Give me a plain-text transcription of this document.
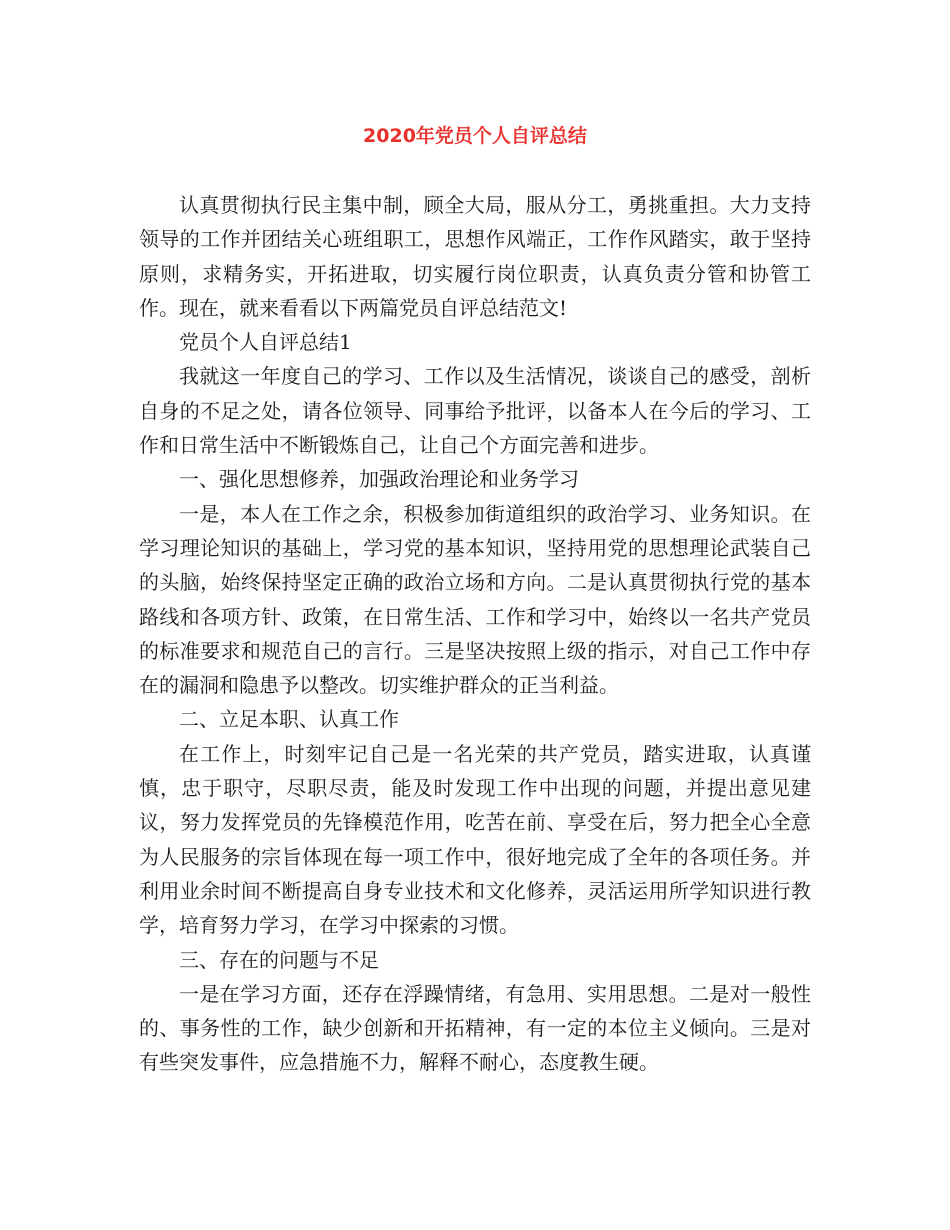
2020年党员个人自评总结

认真贯彻执行民主集中制，顾全大局，服从分工，勇挑重担。大力支持领导的工作并团结关心班组职工，思想作风端正，工作作风踏实，敢于坚持原则，求精务实，开拓进取，切实履行岗位职责，认真负责分管和协管工作。现在，就来看看以下两篇党员自评总结范文!

党员个人自评总结1

我就这一年度自己的学习、工作以及生活情况，谈谈自己的感受，剖析自身的不足之处，请各位领导、同事给予批评，以备本人在今后的学习、工作和日常生活中不断锻炼自己，让自己个方面完善和进步。

一、强化思想修养，加强政治理论和业务学习

一是，本人在工作之余，积极参加街道组织的政治学习、业务知识。在学习理论知识的基础上，学习党的基本知识，坚持用党的思想理论武装自己的头脑，始终保持坚定正确的政治立场和方向。二是认真贯彻执行党的基本路线和各项方针、政策，在日常生活、工作和学习中，始终以一名共产党员的标准要求和规范自己的言行。三是坚决按照上级的指示，对自己工作中存在的漏洞和隐患予以整改。切实维护群众的正当利益。

二、立足本职、认真工作

在工作上，时刻牢记自己是一名光荣的共产党员，踏实进取，认真谨慎，忠于职守，尽职尽责，能及时发现工作中出现的问题，并提出意见建议，努力发挥党员的先锋模范作用，吃苦在前、享受在后，努力把全心全意为人民服务的宗旨体现在每一项工作中，很好地完成了全年的各项任务。并利用业余时间不断提高自身专业技术和文化修养，灵活运用所学知识进行教学，培育努力学习，在学习中探索的习惯。

三、存在的问题与不足

一是在学习方面，还存在浮躁情绪，有急用、实用思想。二是对一般性的、事务性的工作，缺少创新和开拓精神，有一定的本位主义倾向。三是对有些突发事件，应急措施不力，解释不耐心，态度教生硬。
